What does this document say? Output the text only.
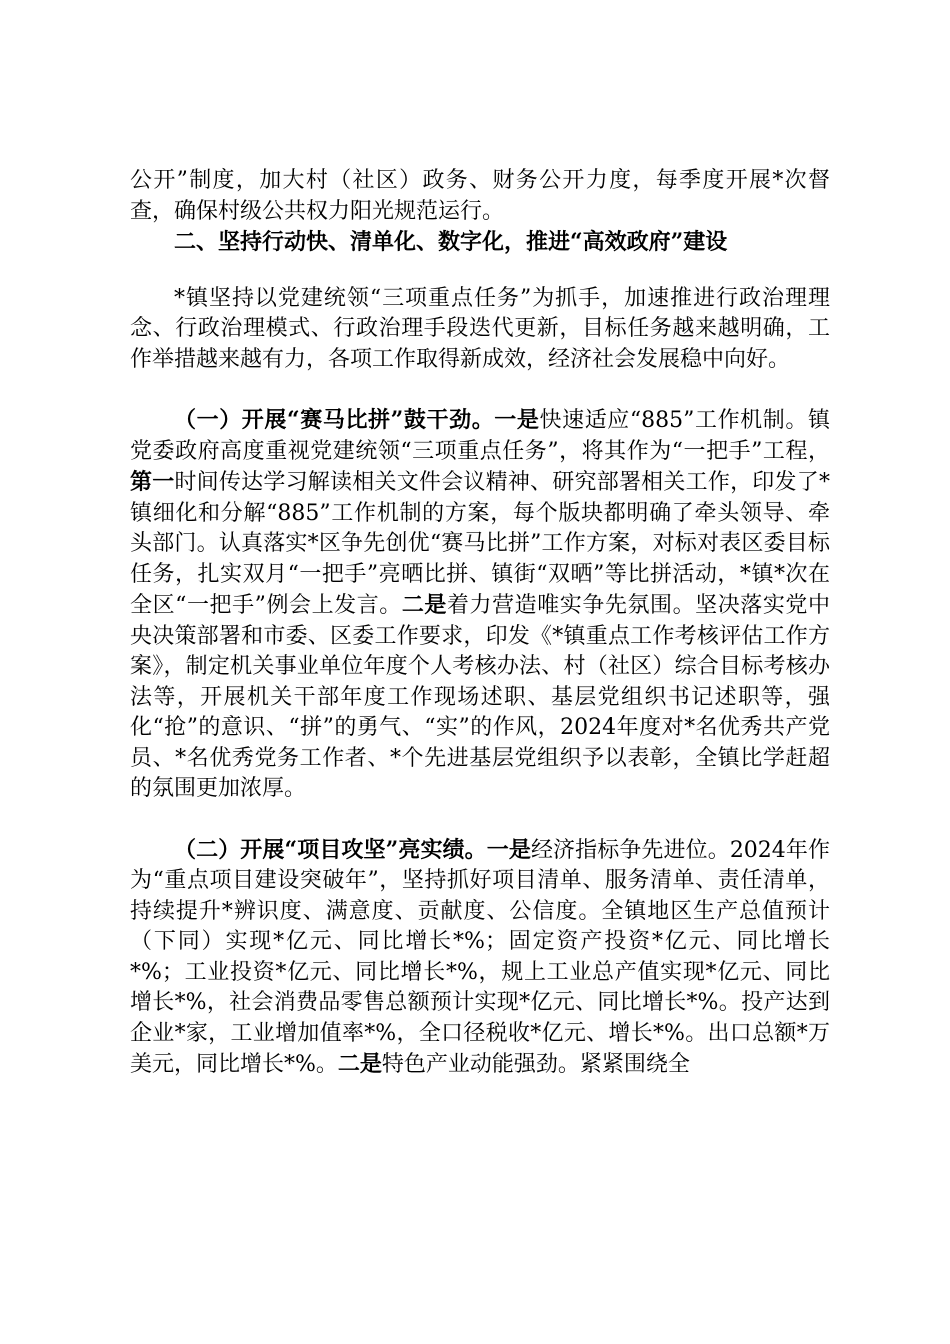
公开”制度，加大村（社区）政务、财务公开力度，每季度开展*次督查，确保村级公共权力阳光规范运行。

二、坚持行动快、清单化、数字化，推进“高效政府”建设

*镇坚持以党建统领“三项重点任务”为抓手，加速推进行政治理理念、行政治理模式、行政治理手段迭代更新，目标任务越来越明确，工作举措越来越有力，各项工作取得新成效，经济社会发展稳中向好。

（一）开展“赛马比拼”鼓干劲。一是快速适应“885”工作机制。镇党委政府高度重视党建统领“三项重点任务”，将其作为“一把手”工程，第一时间传达学习解读相关文件会议精神、研究部署相关工作，印发了*镇细化和分解“885”工作机制的方案，每个版块都明确了牵头领导、牵头部门。认真落实*区争先创优“赛马比拼”工作方案，对标对表区委目标任务，扎实双月“一把手”亮晒比拼、镇街“双晒”等比拼活动，*镇*次在全区“一把手”例会上发言。二是着力营造唯实争先氛围。坚决落实党中央决策部署和市委、区委工作要求，印发《*镇重点工作考核评估工作方案》，制定机关事业单位年度个人考核办法、村（社区）综合目标考核办法等，开展机关干部年度工作现场述职、基层党组织书记述职等，强化“抢”的意识、“拼”的勇气、“实”的作风，2024年度对*名优秀共产党员、*名优秀党务工作者、*个先进基层党组织予以表彰，全镇比学赶超的氛围更加浓厚。

（二）开展“项目攻坚”亮实绩。一是经济指标争先进位。2024年作为“重点项目建设突破年”，坚持抓好项目清单、服务清单、责任清单，持续提升*辨识度、满意度、贡献度、公信度。全镇地区生产总值预计（下同）实现*亿元、同比增长*%；固定资产投资*亿元、同比增长*%；工业投资*亿元、同比增长*%，规上工业总产值实现*亿元、同比增长*%，社会消费品零售总额预计实现*亿元、同比增长*%。投产达到企业*家，工业增加值率*%，全口径税收*亿元、增长*%。出口总额*万美元，同比增长*%。二是特色产业动能强劲。紧紧围绕全
